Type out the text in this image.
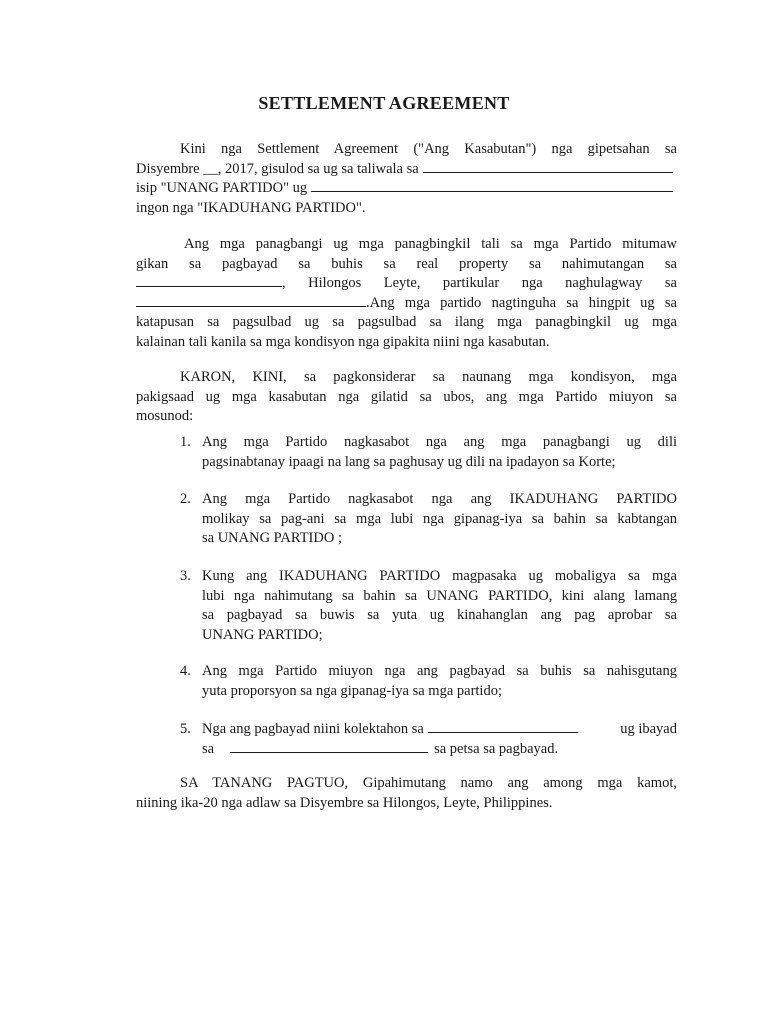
SETTLEMENT AGREEMENT
Kini nga Settlement Agreement ("Ang Kasabutan") nga gipetsahan sa
Disyembre __, 2017, gisulod sa ug sa taliwala sa
isip "UNANG PARTIDO" ug
ingon nga "IKADUHANG PARTIDO".
Ang mga panagbangi ug mga panagbingkil tali sa mga Partido mitumaw
gikan sa pagbayad sa buhis sa real property sa nahimutangan sa
, Hilongos Leyte, partikular nga naghulagway sa
.Ang mga partido nagtinguha sa hingpit ug sa
katapusan sa pagsulbad ug sa pagsulbad sa ilang mga panagbingkil ug mga
kalainan tali kanila sa mga kondisyon nga gipakita niini nga kasabutan.
KARON, KINI, sa pagkonsiderar sa naunang mga kondisyon, mga
pakigsaad ug mga kasabutan nga gilatid sa ubos, ang mga Partido miuyon sa
mosunod:
1. Ang mga Partido nagkasabot nga ang mga panagbangi ug dili
pagsinabtanay ipaagi na lang sa paghusay ug dili na ipadayon sa Korte;
2. Ang mga Partido nagkasabot nga ang IKADUHANG PARTIDO
molikay sa pag-ani sa mga lubi nga gipanag-iya sa bahin sa kabtangan
sa UNANG PARTIDO ;
3. Kung ang IKADUHANG PARTIDO magpasaka ug mobaligya sa mga
lubi nga nahimutang sa bahin sa UNANG PARTIDO, kini alang lamang
sa pagbayad sa buwis sa yuta ug kinahanglan ang pag aprobar sa
UNANG PARTIDO;
4. Ang mga Partido miuyon nga ang pagbayad sa buhis sa nahisgutang
yuta proporsyon sa nga gipanag-iya sa mga partido;
5. Nga ang pagbayad niini kolektahon sa	ug ibayad
sa	sa petsa sa pagbayad.
SA TANANG PAGTUO, Gipahimutang namo ang among mga kamot,
niining ika-20 nga adlaw sa Disyembre sa Hilongos, Leyte, Philippines.
